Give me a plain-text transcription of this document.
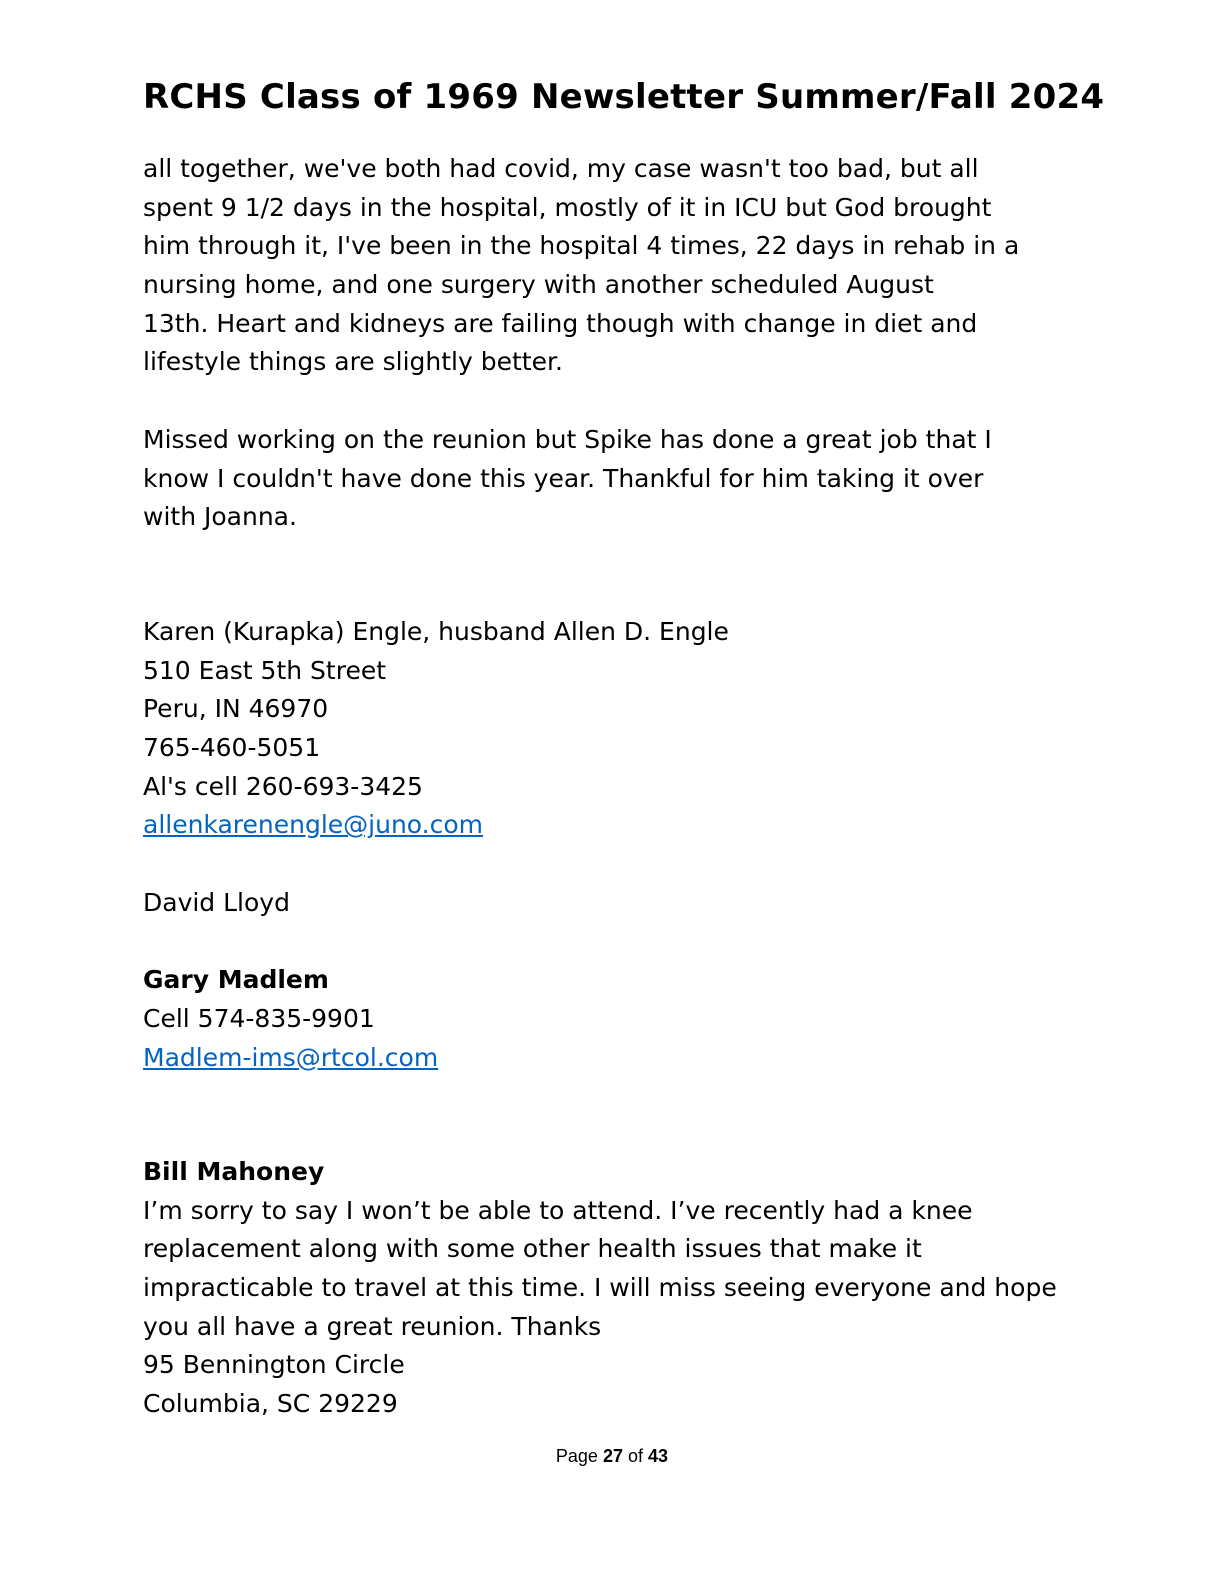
RCHS Class of 1969 Newsletter Summer/Fall 2024
all together, we've both had covid, my case wasn't too bad, but all
spent 9 1/2 days in the hospital, mostly of it in ICU but God brought
him through it, I've been in the hospital 4 times, 22 days in rehab in a
nursing home, and one surgery with another scheduled August
13th. Heart and kidneys are failing though with change in diet and
lifestyle things are slightly better.
Missed working on the reunion but Spike has done a great job that I
know I couldn't have done this year. Thankful for him taking it over
with Joanna.
Karen (Kurapka) Engle, husband Allen D. Engle
510 East 5th Street
Peru, IN 46970
765-460-5051
Al's cell 260-693-3425
allenkarenengle@juno.com
David Lloyd
Gary Madlem
Cell 574-835-9901
Madlem-ims@rtcol.com
Bill Mahoney
I’m sorry to say I won’t be able to attend. I’ve recently had a knee
replacement along with some other health issues that make it
impracticable to travel at this time. I will miss seeing everyone and hope
you all have a great reunion. Thanks
95 Bennington Circle
Columbia, SC 29229
Page 27 of 43
